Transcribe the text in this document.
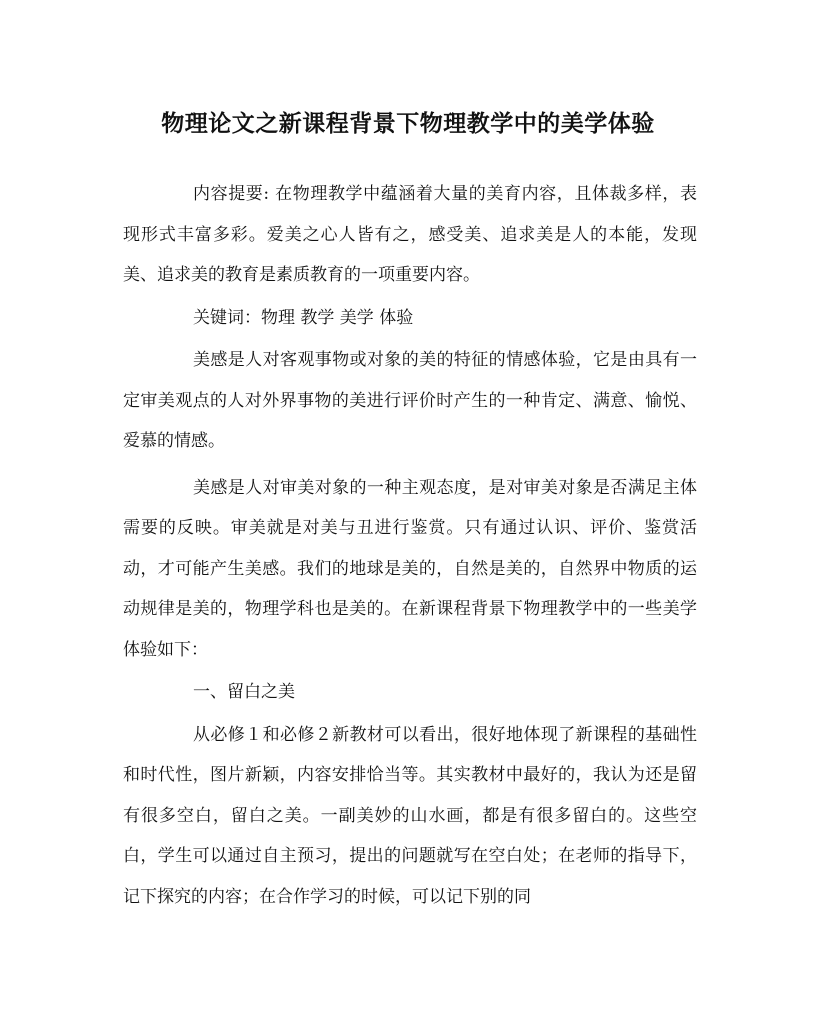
物理论文之新课程背景下物理教学中的美学体验

内容提要: 在物理教学中蕴涵着大量的美育内容，且体裁多样，表现形式丰富多彩。爱美之心人皆有之，感受美、追求美是人的本能，发现美、追求美的教育是素质教育的一项重要内容。

关键词：物理 教学 美学 体验

美感是人对客观事物或对象的美的特征的情感体验，它是由具有一定审美观点的人对外界事物的美进行评价时产生的一种肯定、满意、愉悦、爱慕的情感。

美感是人对审美对象的一种主观态度，是对审美对象是否满足主体需要的反映。审美就是对美与丑进行鉴赏。只有通过认识、评价、鉴赏活动，才可能产生美感。我们的地球是美的，自然是美的，自然界中物质的运动规律是美的，物理学科也是美的。在新课程背景下物理教学中的一些美学体验如下：

一、留白之美

从必修１和必修２新教材可以看出，很好地体现了新课程的基础性和时代性，图片新颖，内容安排恰当等。其实教材中最好的，我认为还是留有很多空白，留白之美。一副美妙的山水画，都是有很多留白的。这些空白，学生可以通过自主预习，提出的问题就写在空白处；在老师的指导下，记下探究的内容；在合作学习的时候，可以记下别的同
